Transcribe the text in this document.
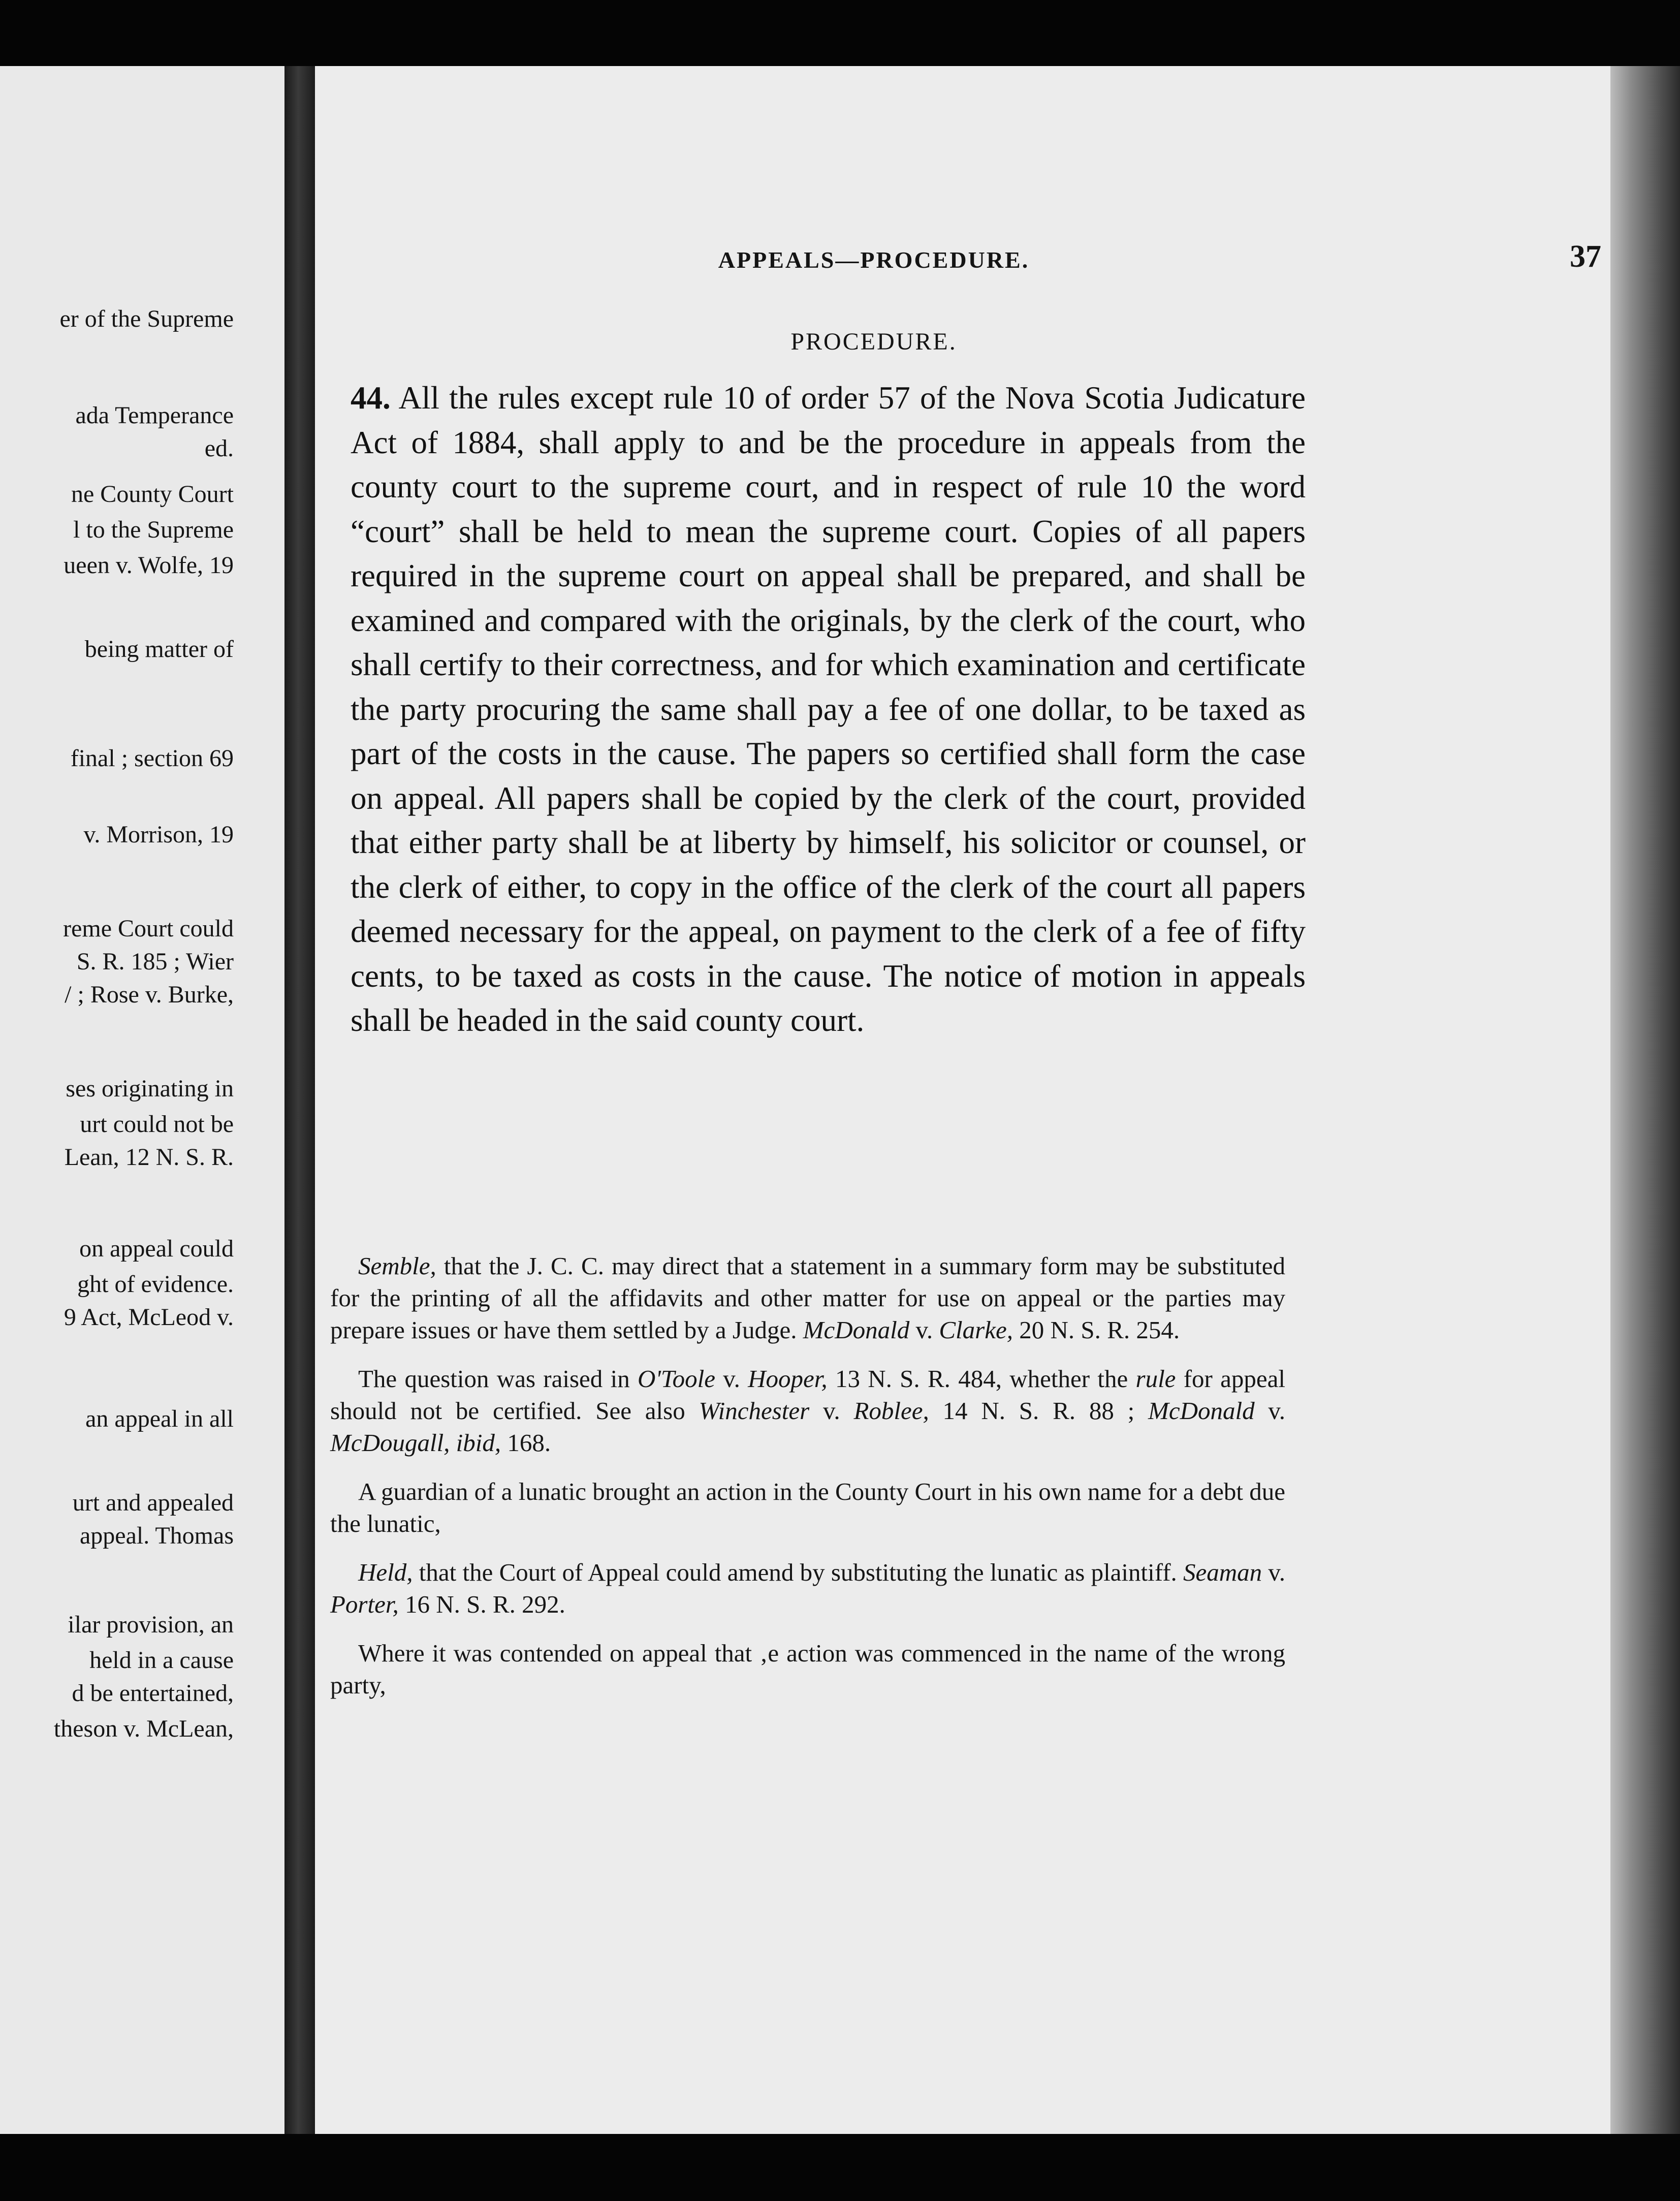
er of the Supreme
ada Temperance
ed.
ne County Court
l to the Supreme
ueen v. Wolfe, 19
being matter of
final ; section 69
v. Morrison, 19
reme Court could
S. R. 185 ; Wier
/ ; Rose v. Burke,
ses originating in
urt could not be
Lean, 12 N. S. R.
on appeal could
ght of evidence.
9 Act, McLeod v.
an appeal in all
urt and appealed
appeal. Thomas
ilar provision, an
held in a cause
d be entertained,
theson v. McLean,
APPEALS—PROCEDURE.	37
PROCEDURE.
44. All the rules except rule 10 of order 57 of the Nova Scotia Judicature Act of 1884, shall apply to and be the procedure in appeals from the county court to the supreme court, and in respect of rule 10 the word “court” shall be held to mean the supreme court. Copies of all papers required in the supreme court on appeal shall be prepared, and shall be examined and compared with the originals, by the clerk of the court, who shall certify to their correctness, and for which examination and certificate the party procuring the same shall pay a fee of one dollar, to be taxed as part of the costs in the cause. The papers so certified shall form the case on appeal. All papers shall be copied by the clerk of the court, provided that either party shall be at liberty by himself, his solicitor or counsel, or the clerk of either, to copy in the office of the clerk of the court all papers deemed necessary for the appeal, on payment to the clerk of a fee of fifty cents, to be taxed as costs in the cause. The notice of motion in appeals shall be headed in the said county court.

Semble, that the J. C. C. may direct that a statement in a summary form may be substituted for the printing of all the affidavits and other matter for use on appeal or the parties may prepare issues or have them settled by a Judge. McDonald v. Clarke, 20 N. S. R. 254.

The question was raised in O'Toole v. Hooper, 13 N. S. R. 484, whether the rule for appeal should not be certified. See also Winchester v. Roblee, 14 N. S. R. 88 ; McDonald v. McDougall, ibid, 168.

A guardian of a lunatic brought an action in the County Court in his own name for a debt due the lunatic,

Held, that the Court of Appeal could amend by substituting the lunatic as plaintiff. Seaman v. Porter, 16 N. S. R. 292.

Where it was contended on appeal that ‚e action was commenced in the name of the wrong party,
